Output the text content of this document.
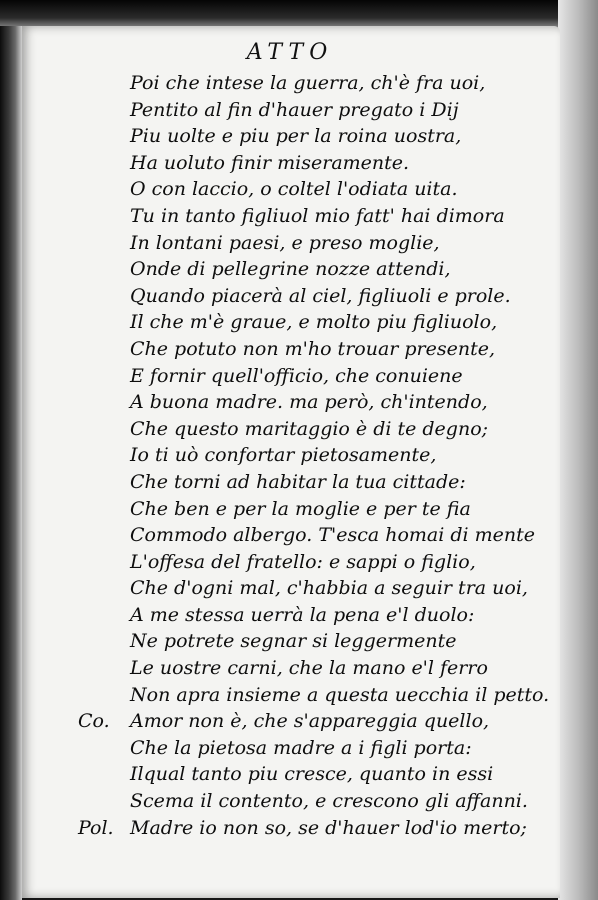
ATTO
Poi che intese la guerra, ch'è fra uoi,
Pentito al fin d'hauer pregato i Dij
Piu uolte e piu per la roina uostra,
Ha uoluto finir miseramente.
O con laccio, o coltel l'odiata uita.
Tu in tanto figliuol mio fatt' hai dimora
In lontani paesi, e preso moglie,
Onde di pellegrine nozze attendi,
Quando piacerà al ciel, figliuoli e prole.
Il che m'è graue, e molto piu figliuolo,
Che potuto non m'ho trouar presente,
E fornir quell'officio, che conuiene
A buona madre. ma però, ch'intendo,
Che questo maritaggio è di te degno;
Io ti uò confortar pietosamente,
Che torni ad habitar la tua cittade:
Che ben e per la moglie e per te fia
Commodo albergo. T'esca homai di mente
L'offesa del fratello: e sappi o figlio,
Che d'ogni mal, c'habbia a seguir tra uoi,
A me stessa uerrà la pena e'l duolo:
Ne potrete segnar si leggermente
Le uostre carni, che la mano e'l ferro
Non apra insieme a questa uecchia il petto.
Co. Amor non è, che s'appareggia quello,
Che la pietosa madre a i figli porta:
Ilqual tanto piu cresce, quanto in essi
Scema il contento, e crescono gli affanni.
Pol. Madre io non so, se d'hauer lod'io merto;
